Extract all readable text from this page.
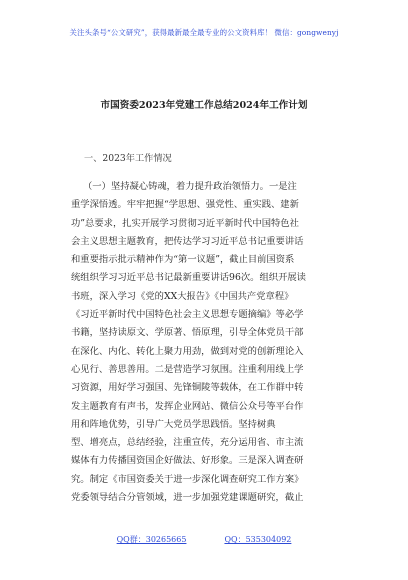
关注头条号“公文研究”，获得最新最全最专业的公文资料库！ 微信：gongwenyj
市国资委2023年党建工作总结2024年工作计划
一、2023年工作情况
（一）坚持凝心铸魂，着力提升政治领悟力。一是注
重学深悟透。牢牢把握“学思想、强党性、重实践、建新
功”总要求，扎实开展学习贯彻习近平新时代中国特色社
会主义思想主题教育，把传达学习习近平总书记重要讲话
和重要指示批示精神作为“第一议题”，截止目前国资系
统组织学习习近平总书记最新重要讲话96次。组织开展读
书班，深入学习《党的XX大报告》《中国共产党章程》
《习近平新时代中国特色社会主义思想专题摘编》等必学
书籍，坚持读原文、学原著、悟原理，引导全体党员干部
在深化、内化、转化上聚力用劲，做到对党的创新理论入
心见行、善思善用。二是营造学习氛围。注重利用线上学
习资源，用好学习强国、先锋铜陵等载体，在工作群中转
发主题教育有声书，发挥企业网站、微信公众号等平台作
用和阵地优势，引导广大党员学思践悟。坚持树典
型、增亮点，总结经验，注重宣传，充分运用省、市主流
媒体有力传播国资国企好做法、好形象。三是深入调查研
究。制定《市国资委关于进一步深化调查研究工作方案》
党委领导结合分管领域，进一步加强党建课题研究，截止
QQ群：30265665	QQ：535304092
